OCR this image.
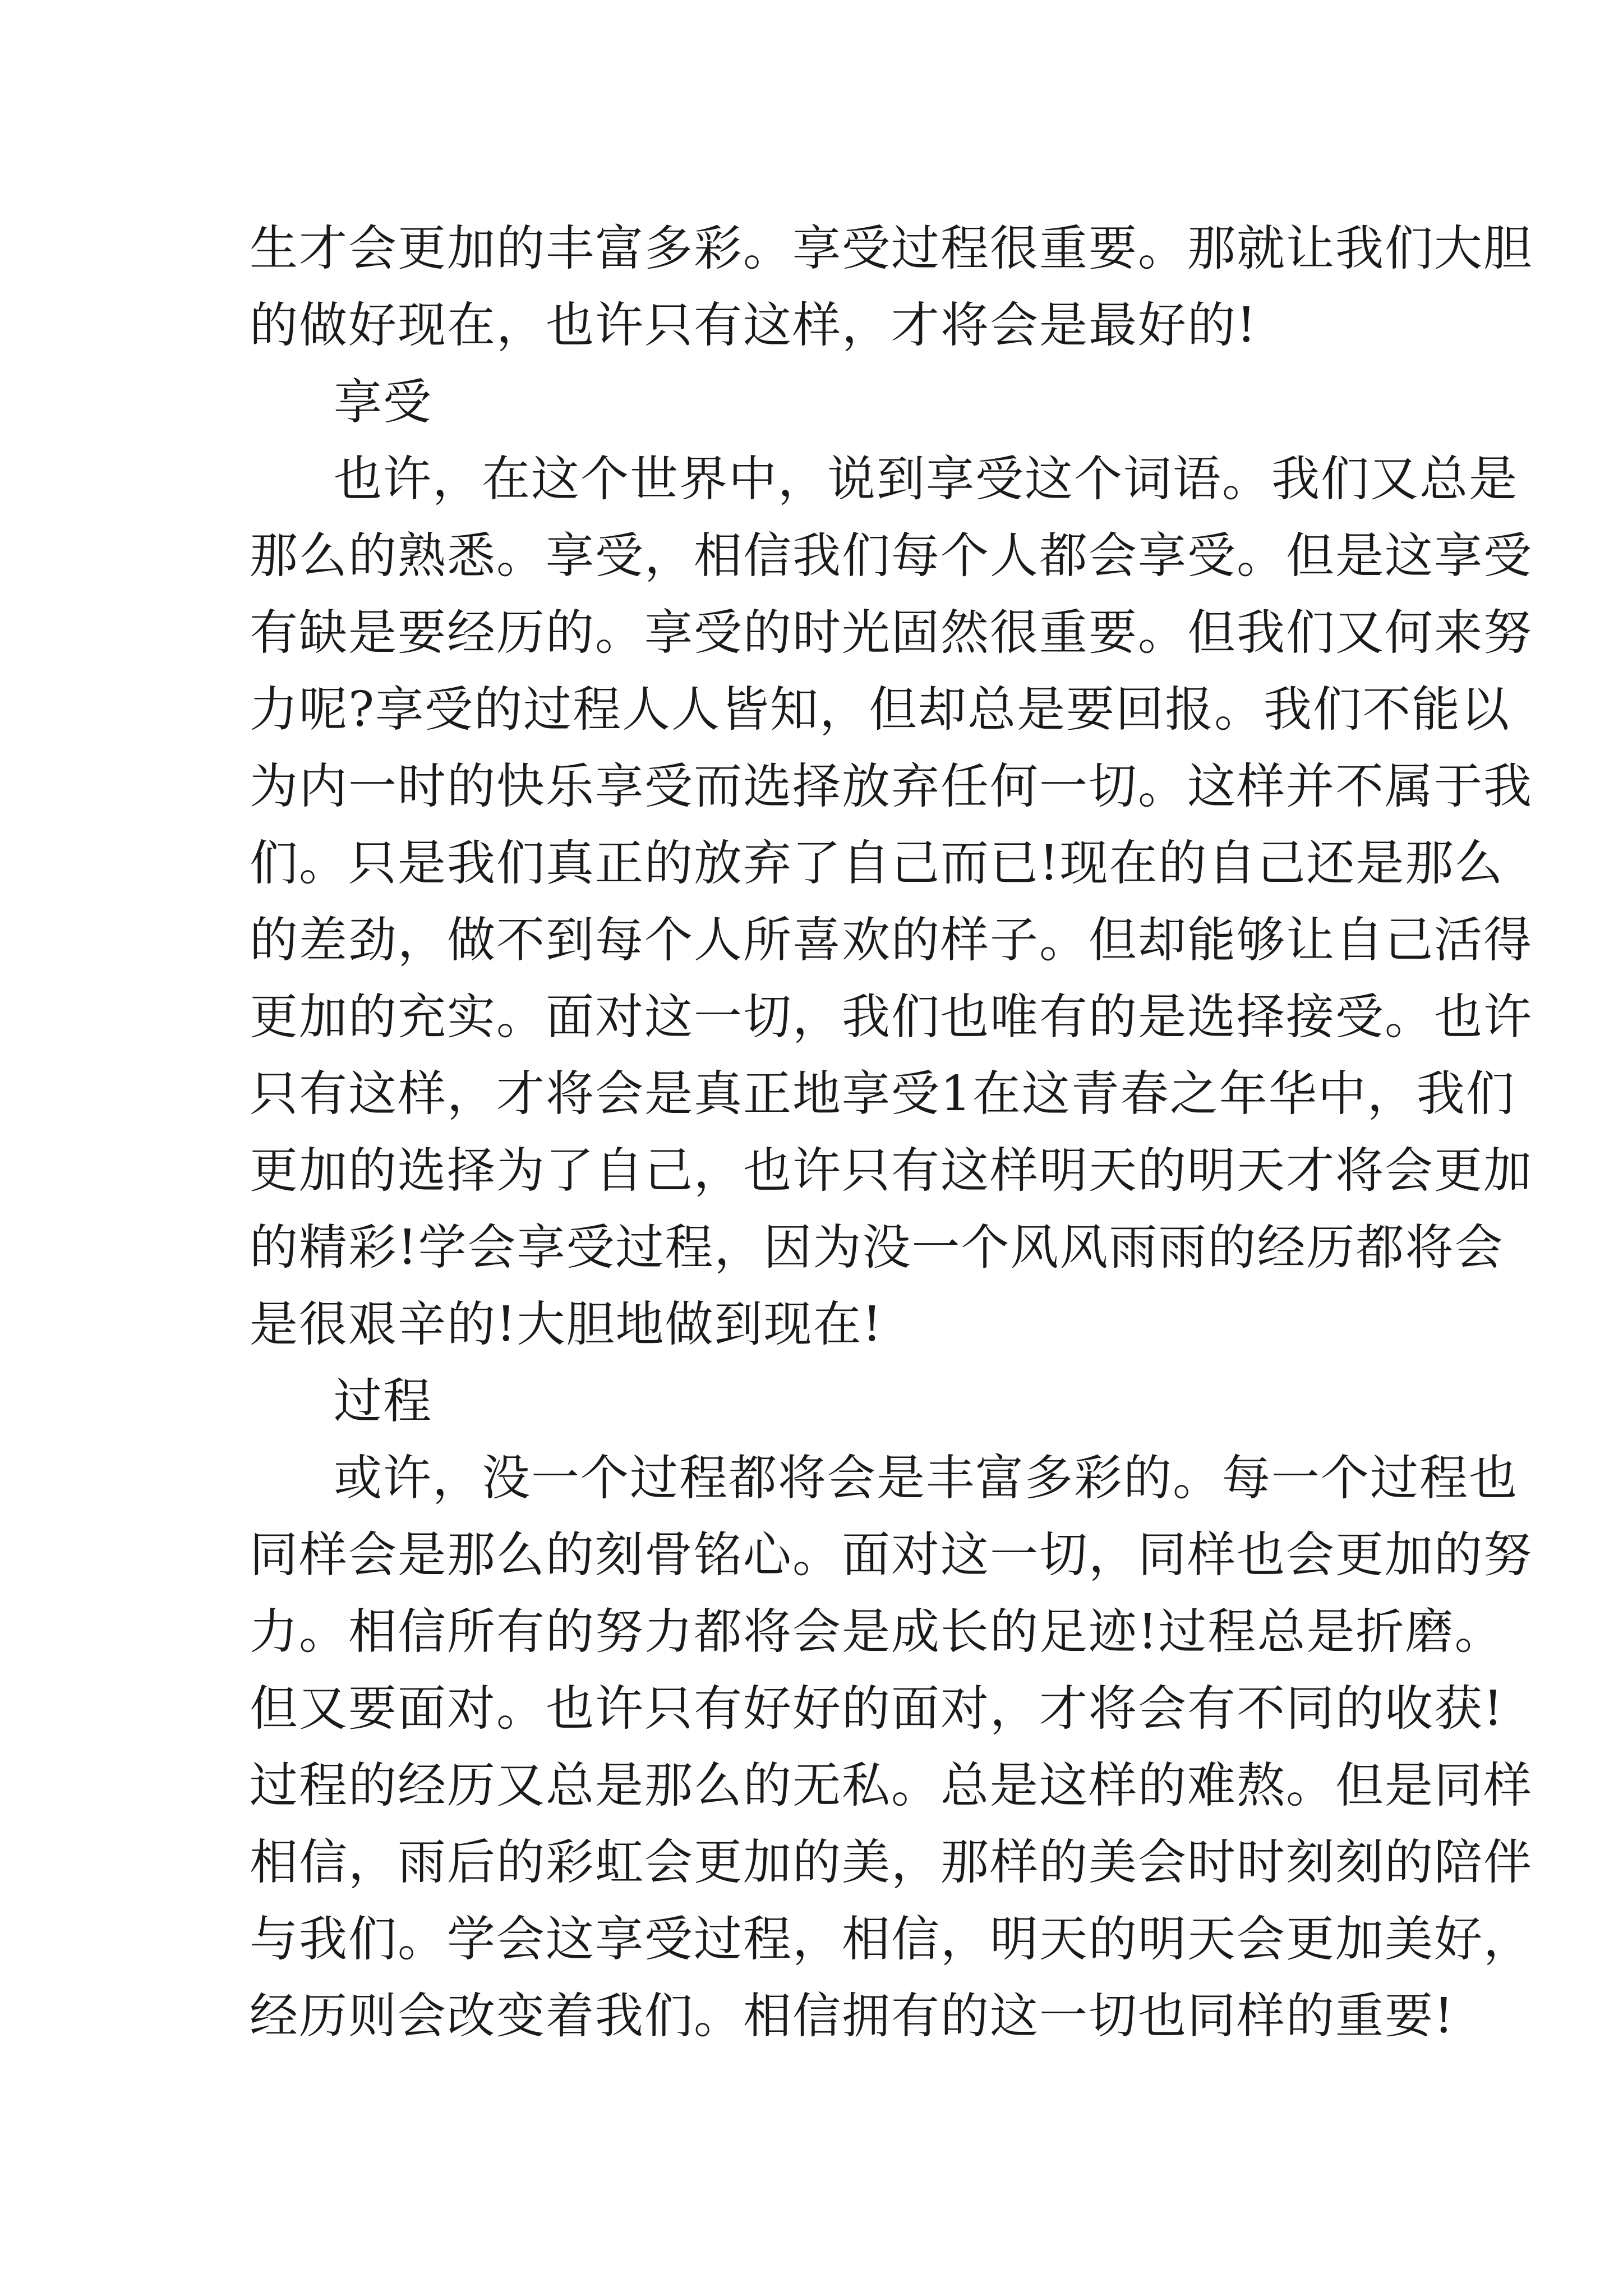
生才会更加的丰富多彩。享受过程很重要。那就让我们大胆
的做好现在，也许只有这样，才将会是最好的!
享受
也许，在这个世界中，说到享受这个词语。我们又总是
那么的熟悉。享受，相信我们每个人都会享受。但是这享受
有缺是要经历的。享受的时光固然很重要。但我们又何来努
力呢?享受的过程人人皆知，但却总是要回报。我们不能以
为内一时的快乐享受而选择放弃任何一切。这样并不属于我
们。只是我们真正的放弃了自己而已!现在的自己还是那么
的差劲，做不到每个人所喜欢的样子。但却能够让自己活得
更加的充实。面对这一切，我们也唯有的是选择接受。也许
只有这样，才将会是真正地享受1在这青春之年华中，我们
更加的选择为了自己，也许只有这样明天的明天才将会更加
的精彩!学会享受过程，因为没一个风风雨雨的经历都将会
是很艰辛的!大胆地做到现在!
过程
或许，没一个过程都将会是丰富多彩的。每一个过程也
同样会是那么的刻骨铭心。面对这一切，同样也会更加的努
力。相信所有的努力都将会是成长的足迹!过程总是折磨。
但又要面对。也许只有好好的面对，才将会有不同的收获!
过程的经历又总是那么的无私。总是这样的难熬。但是同样
相信，雨后的彩虹会更加的美，那样的美会时时刻刻的陪伴
与我们。学会这享受过程，相信，明天的明天会更加美好，
经历则会改变着我们。相信拥有的这一切也同样的重要!
